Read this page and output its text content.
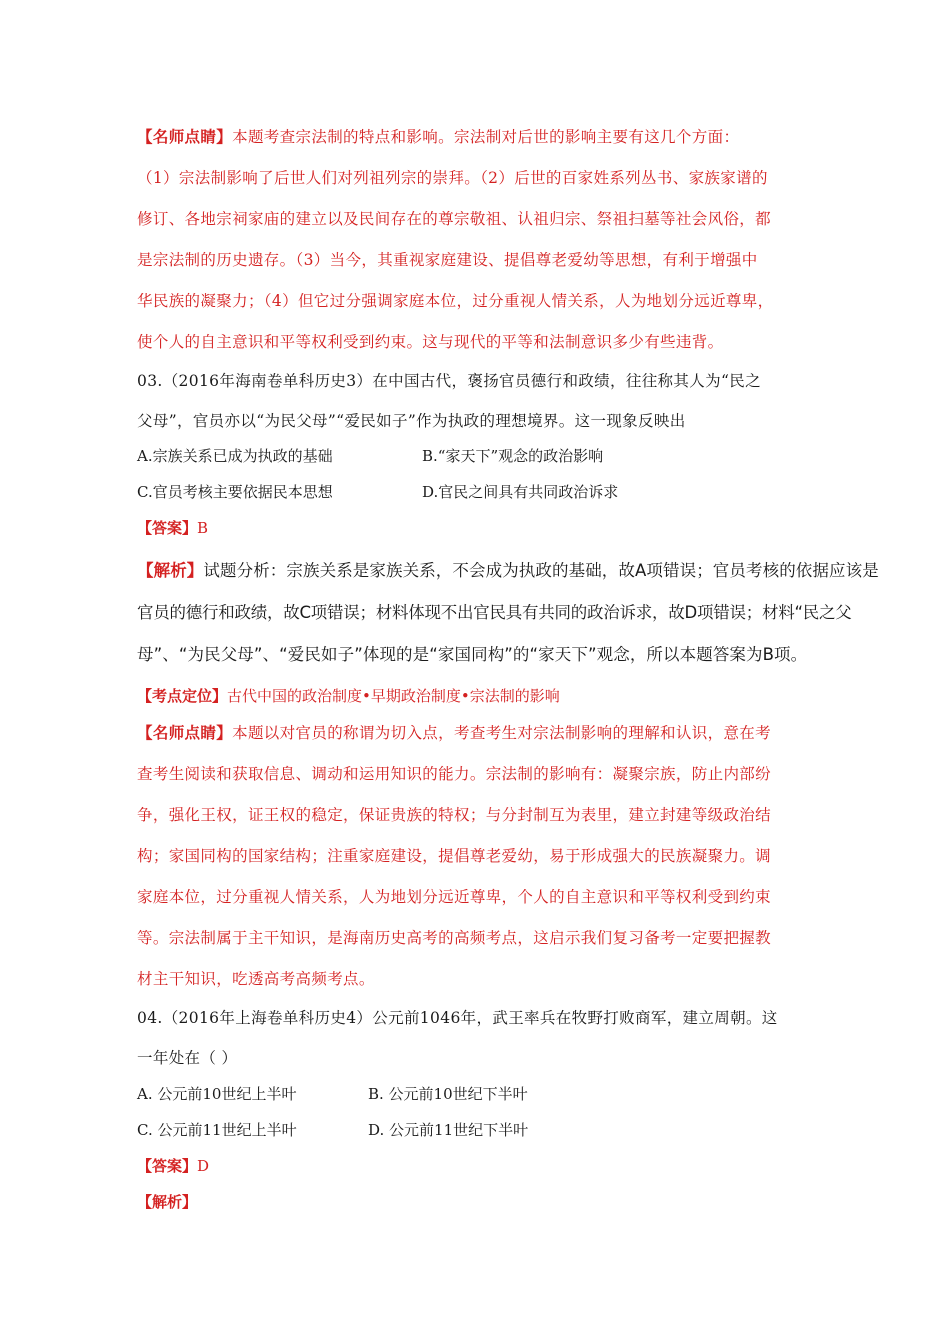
【名师点睛】本题考查宗法制的特点和影响。宗法制对后世的影响主要有这几个方面：
（1）宗法制影响了后世人们对列祖列宗的崇拜。（2）后世的百家姓系列丛书、家族家谱的
修订、各地宗祠家庙的建立以及民间存在的尊宗敬祖、认祖归宗、祭祖扫墓等社会风俗，都
是宗法制的历史遗存。（3）当今，其重视家庭建设、提倡尊老爱幼等思想，有利于增强中
华民族的凝聚力；（4）但它过分强调家庭本位，过分重视人情关系，人为地划分远近尊卑，
使个人的自主意识和平等权利受到约束。这与现代的平等和法制意识多少有些违背。
03.（2016年海南卷单科历史3）在中国古代，褒扬官员德行和政绩，往往称其人为“民之
父母”，官员亦以“为民父母”“爱民如子”作为执政的理想境界。这一现象反映出
A.宗族关系已成为执政的基础	B.“家天下”观念的政治影响
C.官员考核主要依据民本思想	D.官民之间具有共同政治诉求
【答案】B
【解析】试题分析：宗族关系是家族关系，不会成为执政的基础，故A项错误；官员考核的依据应该是
官员的德行和政绩，故C项错误；材料体现不出官民具有共同的政治诉求，故D项错误；材料“民之父
母”、“为民父母”、“爱民如子”体现的是“家国同构”的“家天下”观念，所以本题答案为B项。
【考点定位】古代中国的政治制度•早期政治制度•宗法制的影响
【名师点睛】本题以对官员的称谓为切入点，考查考生对宗法制影响的理解和认识，意在考
查考生阅读和获取信息、调动和运用知识的能力。宗法制的影响有：凝聚宗族，防止内部纷
争，强化王权，证王权的稳定，保证贵族的特权；与分封制互为表里，建立封建等级政治结
构；家国同构的国家结构；注重家庭建设，提倡尊老爱幼，易于形成强大的民族凝聚力。调
家庭本位，过分重视人情关系，人为地划分远近尊卑，个人的自主意识和平等权利受到约束
等。宗法制属于主干知识，是海南历史高考的高频考点，这启示我们复习备考一定要把握教
材主干知识，吃透高考高频考点。
04.（2016年上海卷单科历史4）公元前1046年，武王率兵在牧野打败商军，建立周朝。这
一年处在（ ）
A. 公元前10世纪上半叶	B. 公元前10世纪下半叶
C. 公元前11世纪上半叶	D. 公元前11世纪下半叶
【答案】D
【解析】
